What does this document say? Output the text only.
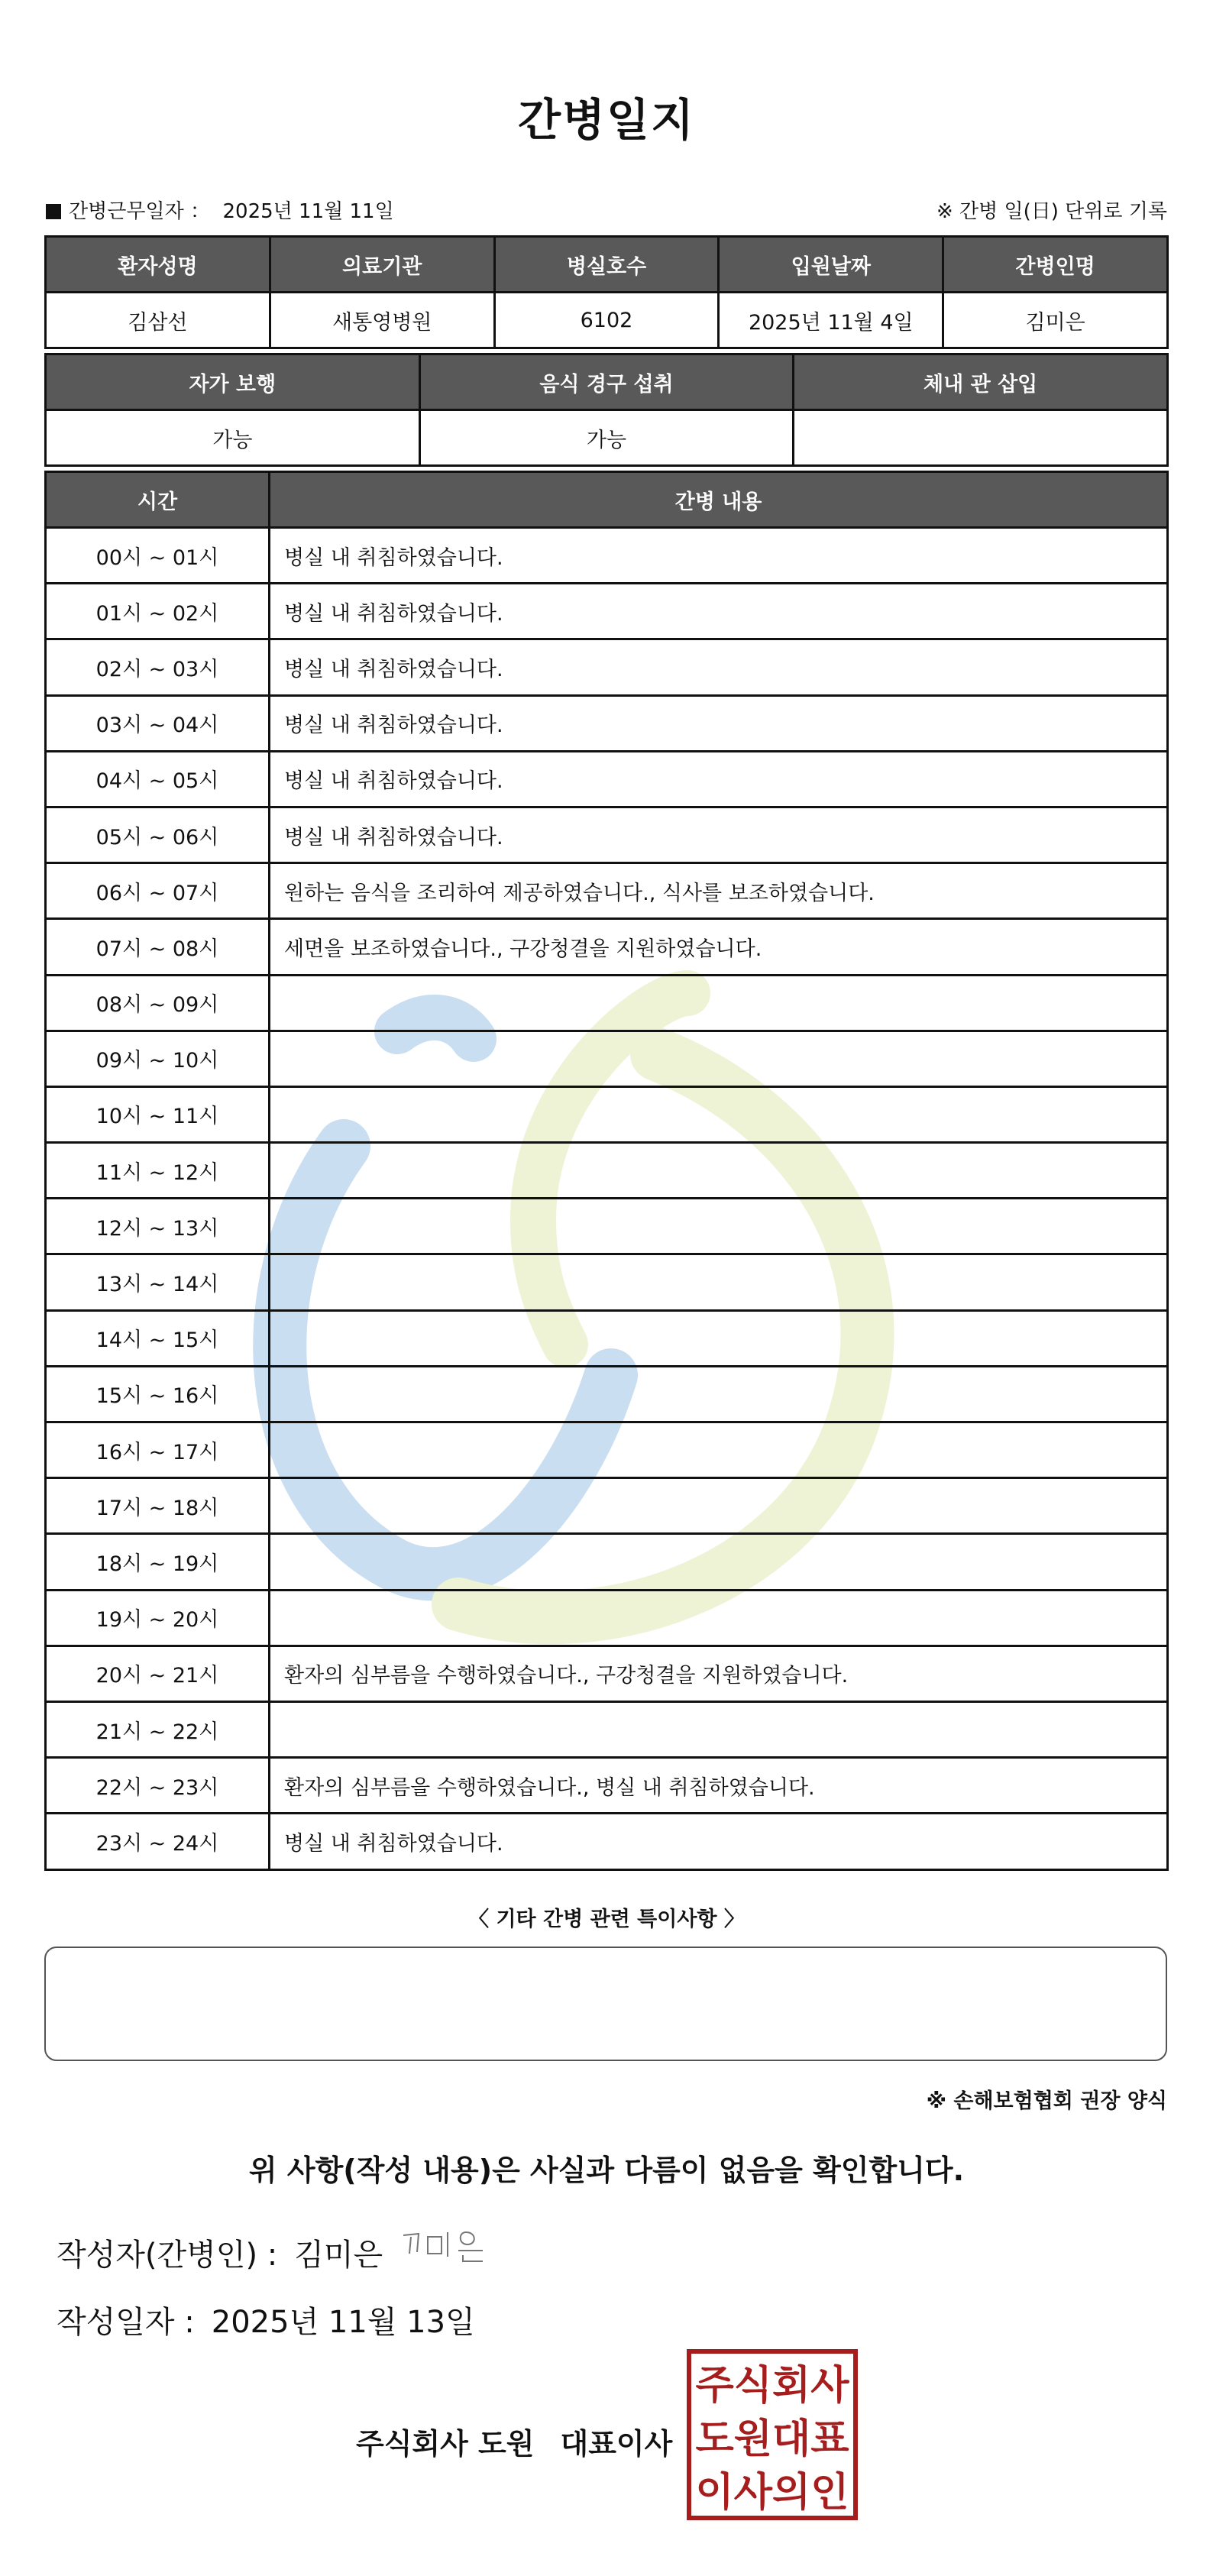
간병일지
간병근무일자 ： 2025년 11월 11일	※ 간병 일(日) 단위로 기록
환자성명	의료기관	병실호수	입원날짜	간병인명
김삼선	새통영병원	6102	2025년 11월 4일	김미은
자가 보행	음식 경구 섭취	체내 관 삽입
가능	가능	
시간	간병 내용
00시 ~ 01시	병실 내 취침하였습니다.
01시 ~ 02시	병실 내 취침하였습니다.
02시 ~ 03시	병실 내 취침하였습니다.
03시 ~ 04시	병실 내 취침하였습니다.
04시 ~ 05시	병실 내 취침하였습니다.
05시 ~ 06시	병실 내 취침하였습니다.
06시 ~ 07시	원하는 음식을 조리하여 제공하였습니다., 식사를 보조하였습니다.
07시 ~ 08시	세면을 보조하였습니다., 구강청결을 지원하였습니다.
08시 ~ 09시	
09시 ~ 10시	
10시 ~ 11시	
11시 ~ 12시	
12시 ~ 13시	
13시 ~ 14시	
14시 ~ 15시	
15시 ~ 16시	
16시 ~ 17시	
17시 ~ 18시	
18시 ~ 19시	
19시 ~ 20시	
20시 ~ 21시	환자의 심부름을 수행하였습니다., 구강청결을 지원하였습니다.
21시 ~ 22시	
22시 ~ 23시	환자의 심부름을 수행하였습니다., 병실 내 취침하였습니다.
23시 ~ 24시	병실 내 취침하였습니다.
〈 기타 간병 관련 특이사항 〉
※ 손해보험협회 권장 양식
위 사항(작성 내용)은 사실과 다름이 없음을 확인합니다.
작성자(간병인) : 김미은
작성일자 : 2025년 11월 13일
주식회사 도원 대표이사
주식회사
도원대표
이사의인
